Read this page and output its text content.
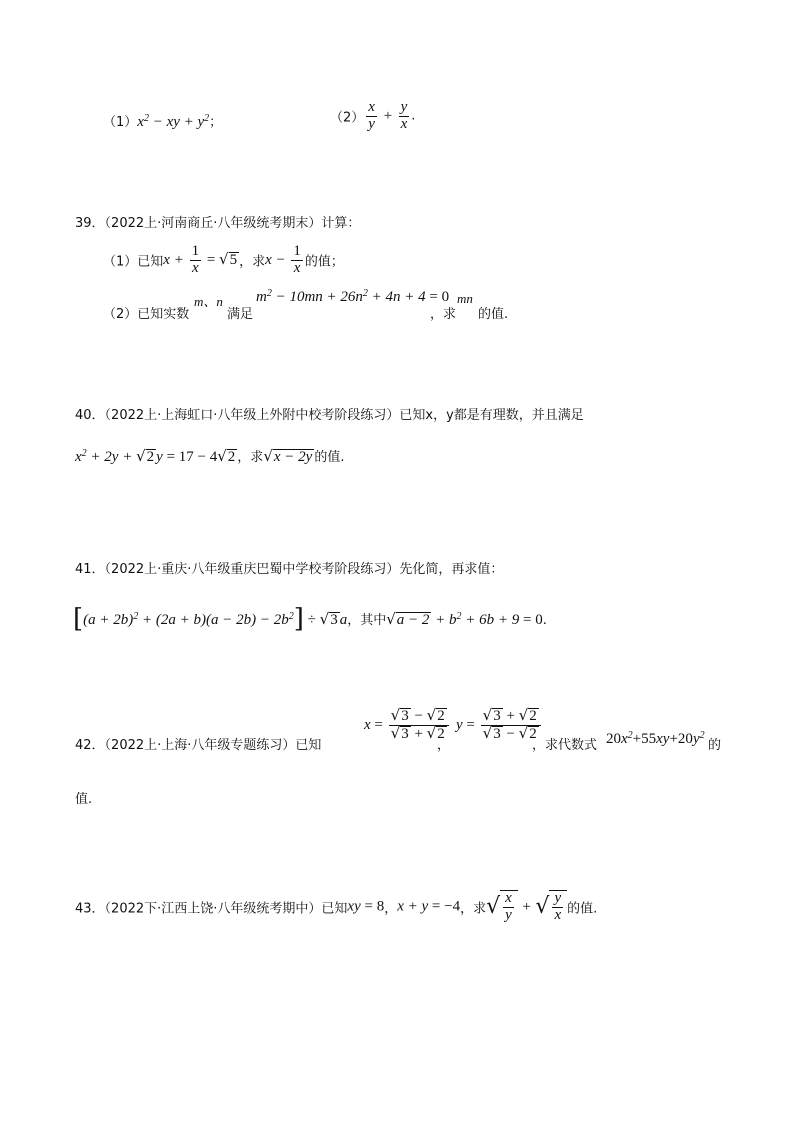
$(1)x^2$ − xy + $y^2$；	$(2) \frac{x}{y} + \frac{y}{x}$ .
39．（2022上·河南商丘·八年级统考期末）计算：
（1）已知$x + \frac{1}{x} = √5$ ，求$x - \frac{1}{x}$ 的值；
（2）已知实数
m、n
满足
$m^2 - 10mn + 26n^2 + 4n + 4 = 0$
，求
mn
的值.
40．（2022上·上海虹口·八年级上外附中校考阶段练习）已知x，y都是有理数，并且满足
$x^2 + 2y + √2$ y = 17 − 4√2 ，求√x − 2y 的值.
41．（2022上·重庆·八年级重庆巴蜀中学校考阶段练习）先化简，再求值：
$[(a + 2b)^2 + (2a + b)(a - 2b) - 2b^2] \div √3$ a，其中$√a - 2 + b^2 + 6b + 9 = 0$.
42．（2022上·上海·八年级专题练习）已知
$x = \frac{√3 - √2}{√3 + √2}$
，
$y = \frac{√3 + √2}{√3 - √2}$
，求代数式 $20x^2+55xy+20y^2$
的
值.
43．（2022下·江西上饶·八年级统考期中）已知xy = 8，x + y = −4，求√ $\frac{x}{y}$ + √ $\frac{y}{x}$ 的值.
